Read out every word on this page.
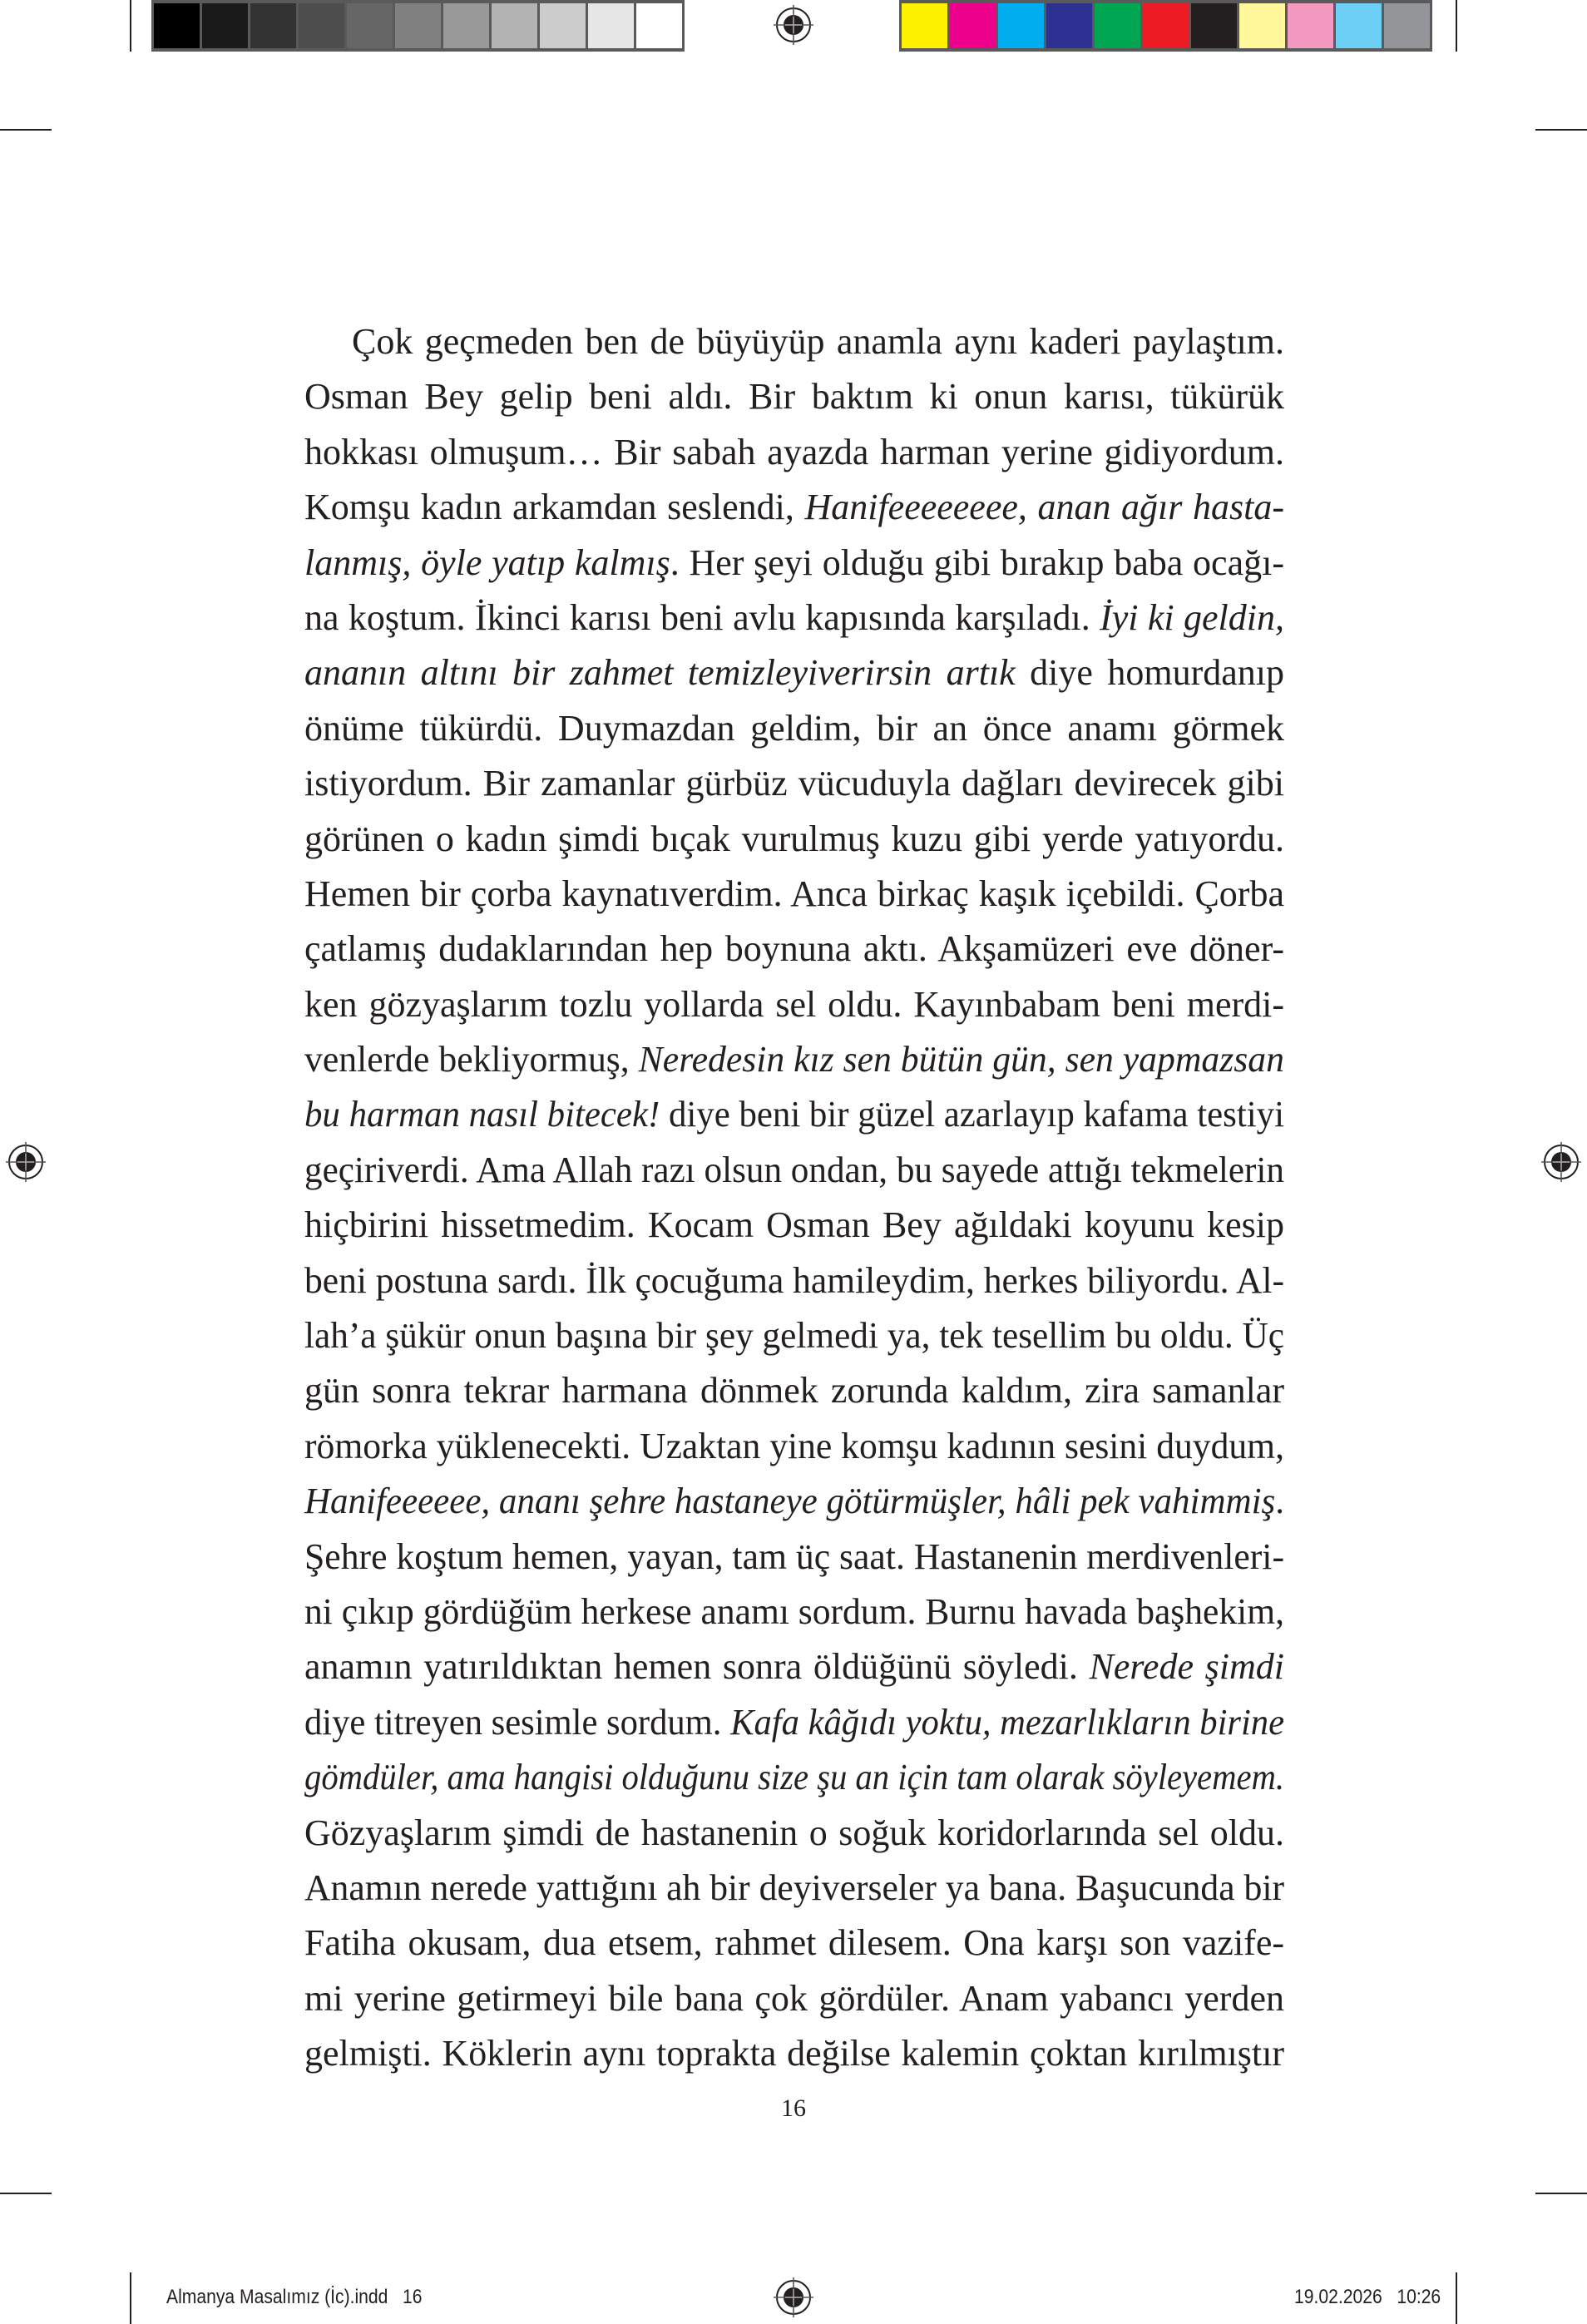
Çok geçmeden ben de büyüyüp anamla aynı kaderi paylaştım.
Osman Bey gelip beni aldı. Bir baktım ki onun karısı, tükürük
hokkası olmuşum… Bir sabah ayazda harman yerine gidiyordum.
Komşu kadın arkamdan seslendi, Hanifeeeeeeee, anan ağır hasta-
lanmış, öyle yatıp kalmış. Her şeyi olduğu gibi bırakıp baba ocağı-
na koştum. İkinci karısı beni avlu kapısında karşıladı. İyi ki geldin,
ananın altını bir zahmet temizleyiverirsin artık diye homurdanıp
önüme tükürdü. Duymazdan geldim, bir an önce anamı görmek
istiyordum. Bir zamanlar gürbüz vücuduyla dağları devirecek gibi
görünen o kadın şimdi bıçak vurulmuş kuzu gibi yerde yatıyordu.
Hemen bir çorba kaynatıverdim. Anca birkaç kaşık içebildi. Çorba
çatlamış dudaklarından hep boynuna aktı. Akşamüzeri eve döner-
ken gözyaşlarım tozlu yollarda sel oldu. Kayınbabam beni merdi-
venlerde bekliyormuş, Neredesin kız sen bütün gün, sen yapmazsan
bu harman nasıl bitecek! diye beni bir güzel azarlayıp kafama testiyi
geçiriverdi. Ama Allah razı olsun ondan, bu sayede attığı tekmelerin
hiçbirini hissetmedim. Kocam Osman Bey ağıldaki koyunu kesip
beni postuna sardı. İlk çocuğuma hamileydim, herkes biliyordu. Al-
lah’a şükür onun başına bir şey gelmedi ya, tek tesellim bu oldu. Üç
gün sonra tekrar harmana dönmek zorunda kaldım, zira samanlar
römorka yüklenecekti. Uzaktan yine komşu kadının sesini duydum,
Hanifeeeeee, ananı şehre hastaneye götürmüşler, hâli pek vahimmiş.
Şehre koştum hemen, yayan, tam üç saat. Hastanenin merdivenleri-
ni çıkıp gördüğüm herkese anamı sordum. Burnu havada başhekim,
anamın yatırıldıktan hemen sonra öldüğünü söyledi. Nerede şimdi
diye titreyen sesimle sordum. Kafa kâğıdı yoktu, mezarlıkların birine
gömdüler, ama hangisi olduğunu size şu an için tam olarak söyleyemem.
Gözyaşlarım şimdi de hastanenin o soğuk koridorlarında sel oldu.
Anamın nerede yattığını ah bir deyiverseler ya bana. Başucunda bir
Fatiha okusam, dua etsem, rahmet dilesem. Ona karşı son vazife-
mi yerine getirmeyi bile bana çok gördüler. Anam yabancı yerden
gelmişti. Köklerin aynı toprakta değilse kalemin çoktan kırılmıştır
16
Almanya Masalımız (İc).indd   16	19.02.2026   10:26
